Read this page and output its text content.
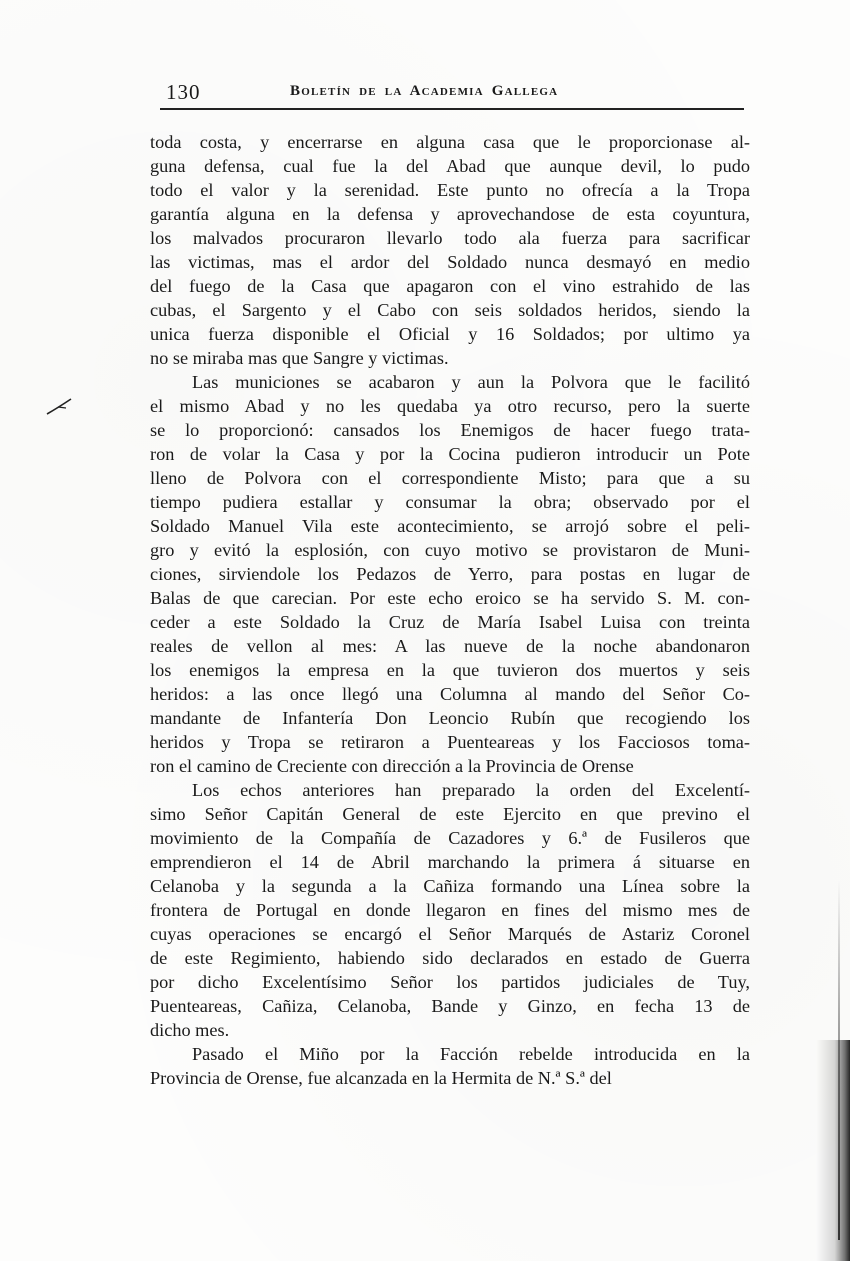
130	Boletín de la Academia Gallega
toda costa, y encerrarse en alguna casa que le proporcionase al-
guna defensa, cual fue la del Abad que aunque devil, lo pudo
todo el valor y la serenidad. Este punto no ofrecía a la Tropa
garantía alguna en la defensa y aprovechandose de esta coyuntura,
los malvados procuraron llevarlo todo ala fuerza para sacrificar
las victimas, mas el ardor del Soldado nunca desmayó en medio
del fuego de la Casa que apagaron con el vino estrahido de las
cubas, el Sargento y el Cabo con seis soldados heridos, siendo la
unica fuerza disponible el Oficial y 16 Soldados; por ultimo ya
no se miraba mas que Sangre y victimas.
Las municiones se acabaron y aun la Polvora que le facilitó
el mismo Abad y no les quedaba ya otro recurso, pero la suerte
se lo proporcionó: cansados los Enemigos de hacer fuego trata-
ron de volar la Casa y por la Cocina pudieron introducir un Pote
lleno de Polvora con el correspondiente Misto; para que a su
tiempo pudiera estallar y consumar la obra; observado por el
Soldado Manuel Vila este acontecimiento, se arrojó sobre el peli-
gro y evitó la esplosión, con cuyo motivo se provistaron de Muni-
ciones, sirviendole los Pedazos de Yerro, para postas en lugar de
Balas de que carecian. Por este echo eroico se ha servido S. M. con-
ceder a este Soldado la Cruz de María Isabel Luisa con treinta
reales de vellon al mes: A las nueve de la noche abandonaron
los enemigos la empresa en la que tuvieron dos muertos y seis
heridos: a las once llegó una Columna al mando del Señor Co-
mandante de Infantería Don Leoncio Rubín que recogiendo los
heridos y Tropa se retiraron a Puenteareas y los Facciosos toma-
ron el camino de Creciente con dirección a la Provincia de Orense
Los echos anteriores han preparado la orden del Excelentí-
simo Señor Capitán General de este Ejercito en que previno el
movimiento de la Compañía de Cazadores y 6.ª de Fusileros que
emprendieron el 14 de Abril marchando la primera á situarse en
Celanoba y la segunda a la Cañiza formando una Línea sobre la
frontera de Portugal en donde llegaron en fines del mismo mes de
cuyas operaciones se encargó el Señor Marqués de Astariz Coronel
de este Regimiento, habiendo sido declarados en estado de Guerra
por dicho Excelentísimo Señor los partidos judiciales de Tuy,
Puenteareas, Cañiza, Celanoba, Bande y Ginzo, en fecha 13 de
dicho mes.
Pasado el Miño por la Facción rebelde introducida en la
Provincia de Orense, fue alcanzada en la Hermita de N.ª S.ª del
